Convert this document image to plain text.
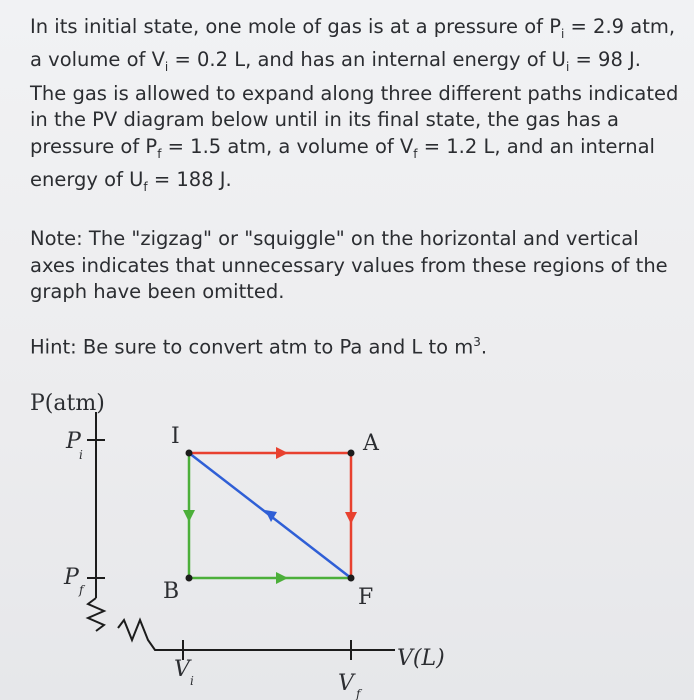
In its initial state, one mole of gas is at a pressure of $P_i = 2.9$ atm, a volume of $V_i = 0.2$ L, and has an internal energy of $U_i = 98$ J. The gas is allowed to expand along three different paths indicated in the PV diagram below until in its final state, the gas has a pressure of $P_f = 1.5$ atm, a volume of $V_f = 1.2$ L, and an internal energy of $U_f = 188$ J.
Note: The "zigzag" or "squiggle" on the horizontal and vertical axes indicates that unnecessary values from these regions of the graph have been omitted.
Hint: Be sure to convert atm to Pa and L to $m^3$.
P(atm)
V(L)
P
i
P f
V i	V f
I	A
B	F
